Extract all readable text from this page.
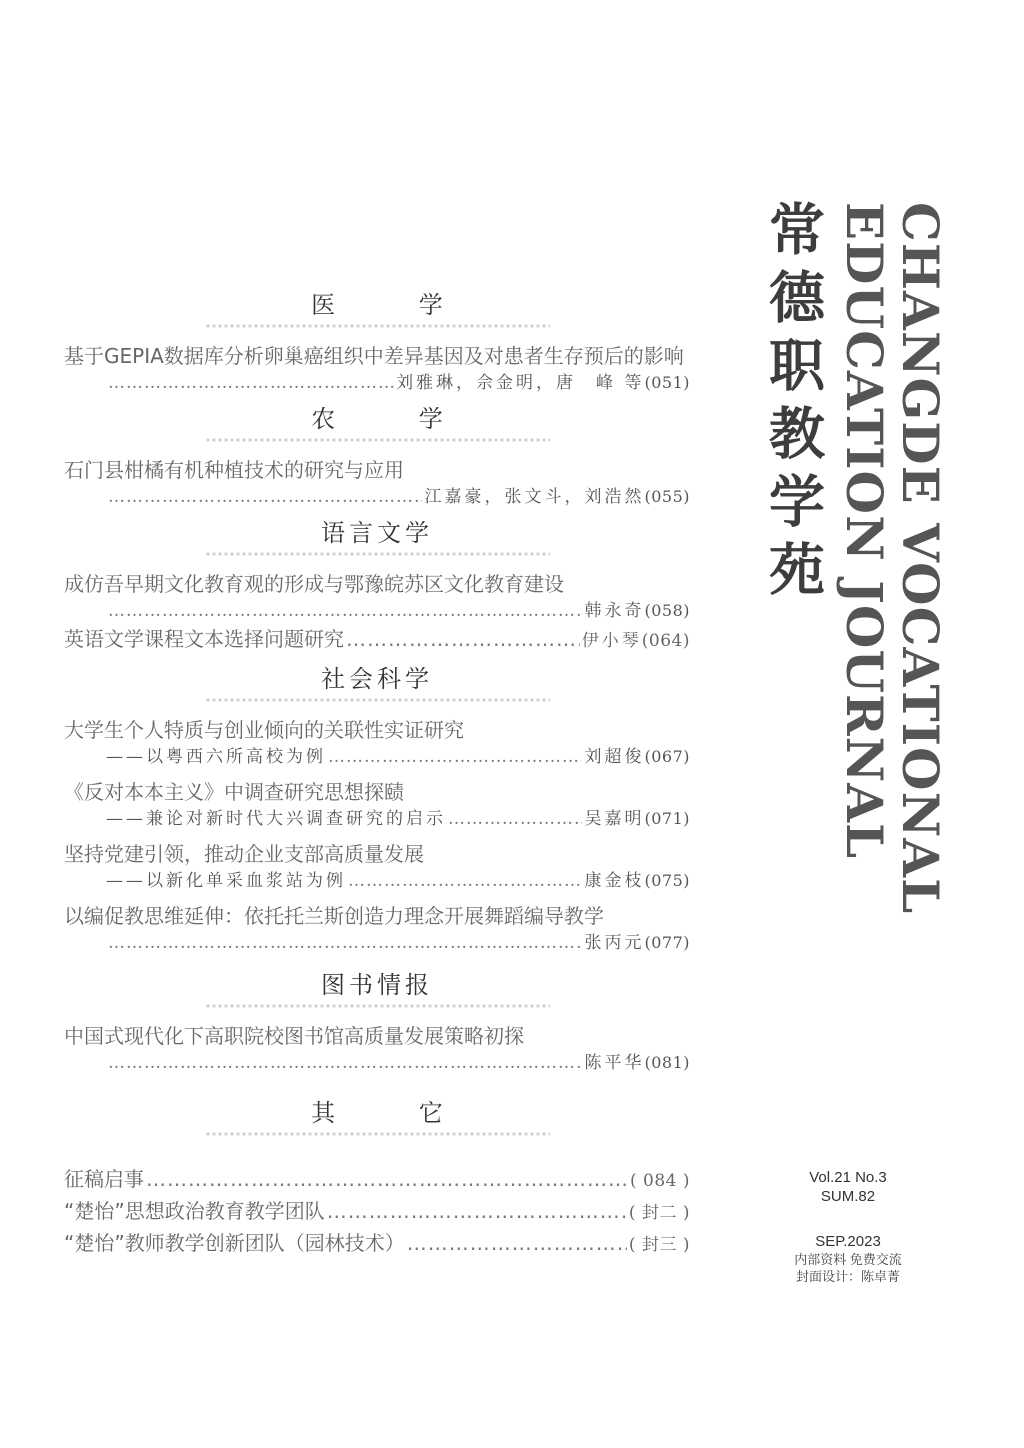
医 学
基于GEPIA数据库分析卵巢癌组织中差异基因及对患者生存预后的影响
…………………………………………………………………………………………………………………………
刘雅琳，佘金明，唐　峰 等 (051)
农 学
石门县柑橘有机种植技术的研究与应用
…………………………………………………………………………………………………………………………
江嘉豪，张文斗，刘浩然 (055)
语言文学
成仿吾早期文化教育观的形成与鄂豫皖苏区文化教育建设
…………………………………………………………………………………………………………………………
韩永奇 (058)
英语文学课程文本选择问题研究 …………………………………………………………………………………………………………………………	伊小琴 (064)
社会科学
大学生个人特质与创业倾向的关联性实证研究
——以粤西六所高校为例 …………………………………………………………………………………………………………………………	刘超俊 (067)
《反对本本主义》中调查研究思想探赜
——兼论对新时代大兴调查研究的启示 …………………………………………………………………………………………………………………………	吴嘉明 (071)
坚持党建引领，推动企业支部高质量发展
——以新化单采血浆站为例 …………………………………………………………………………………………………………………………	康金枝 (075)
以编促教思维延伸：依托托兰斯创造力理念开展舞蹈编导教学
…………………………………………………………………………………………………………………………
张丙元 (077)
图书情报
中国式现代化下高职院校图书馆高质量发展策略初探
…………………………………………………………………………………………………………………………
陈平华 (081)
其 它
征稿启事 …………………………………………………………………………………………………………………………	( 084 )
“楚怡”思想政治教育教学团队 …………………………………………………………………………………………………………………………	( 封二 )
“楚怡”教师教学创新团队（园林技术） …………………………………………………………………………………………………………………………	( 封三 )
常德职教学苑 CHANGDE VOCATIONAL
EDUCATION JOURNAL
Vol.21 No.3
SUM.82
SEP.2023
内部资料 免费交流
封面设计：陈卓菁
